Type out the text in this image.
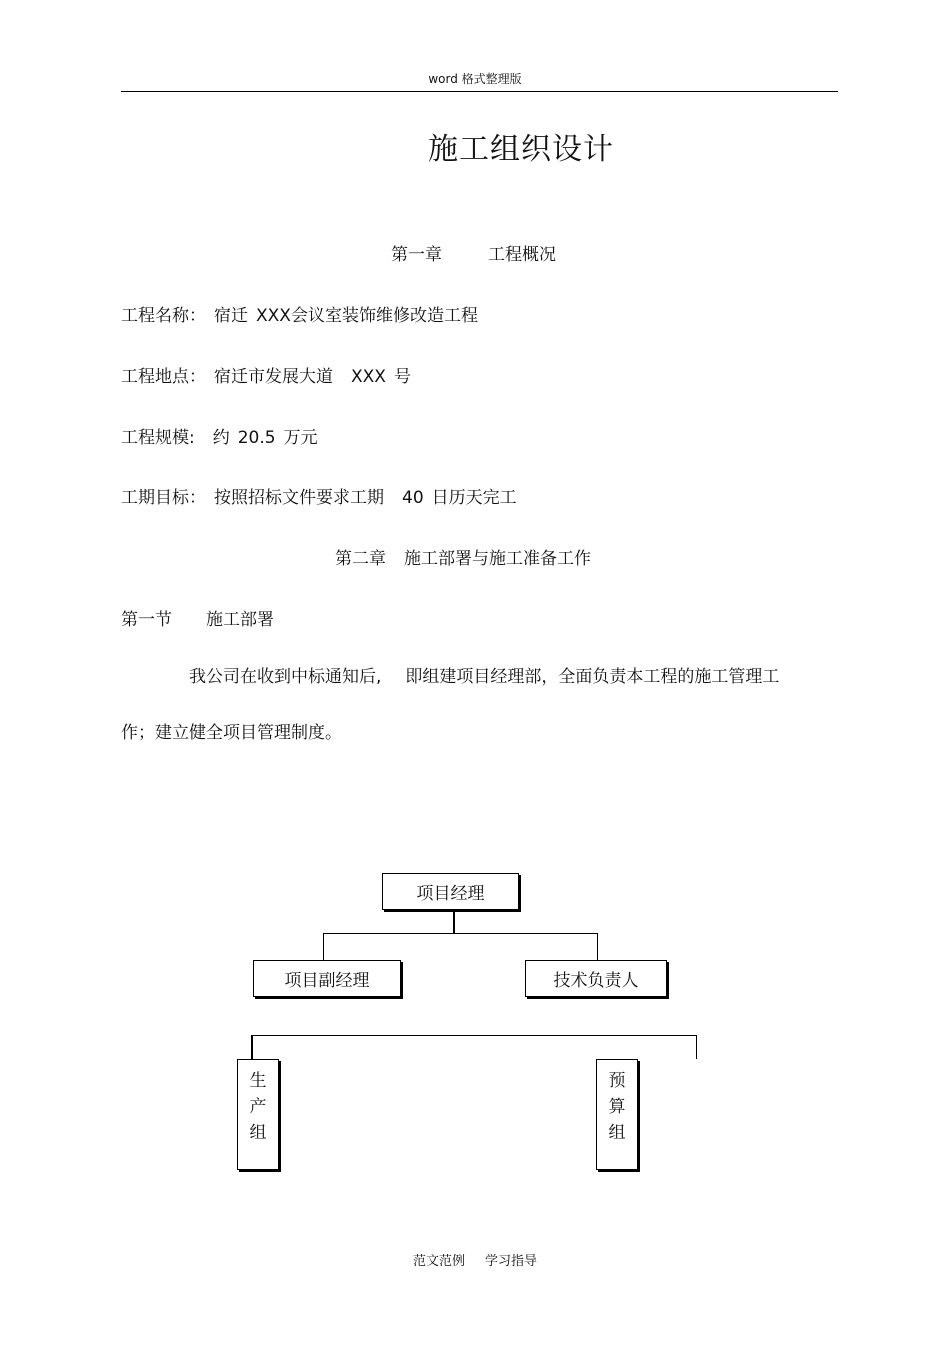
word 格式整理版
施工组织设计
第一章	工程概况
工程名称： 宿迁 XXX会议室装饰维修改造工程
工程地点： 宿迁市发展大道 XXX 号
工程规模: 约 20.5 万元
工期目标： 按照招标文件要求工期 40 日历天完工
第二章 施工部署与施工准备工作
第一节 施工部署
我公司在收到中标通知后, 即组建项目经理部，全面负责本工程的施工管理工
作；建立健全项目管理制度。
项目经理
项目副经理	技术负责人
生
产
组
预
算
组
范文范例 学习指导
